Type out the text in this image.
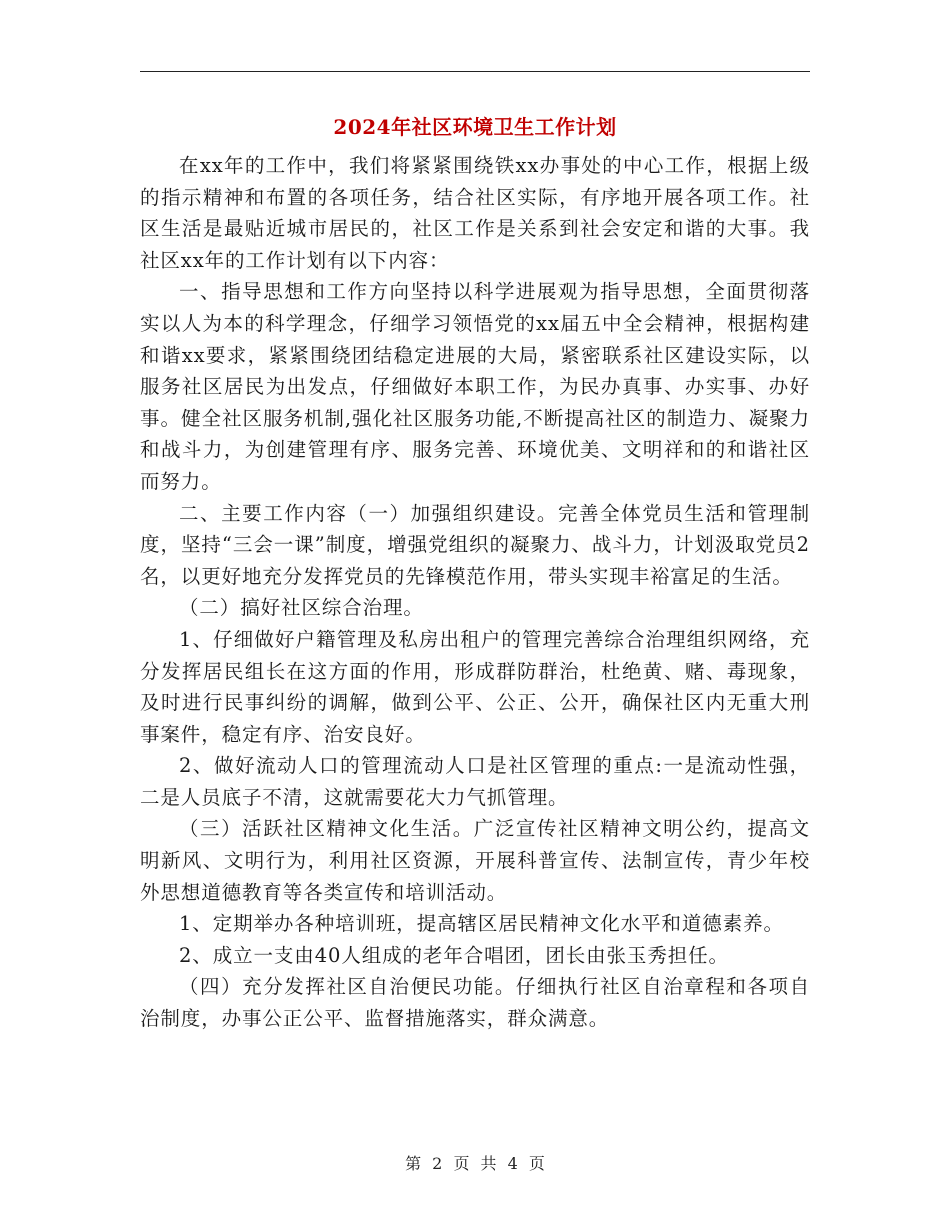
2024年社区环境卫生工作计划

在xx年的工作中，我们将紧紧围绕铁xx办事处的中心工作，根据上级的指示精神和布置的各项任务，结合社区实际，有序地开展各项工作。社区生活是最贴近城市居民的，社区工作是关系到社会安定和谐的大事。我社区xx年的工作计划有以下内容：

一、指导思想和工作方向坚持以科学进展观为指导思想，全面贯彻落实以人为本的科学理念，仔细学习领悟党的xx届五中全会精神，根据构建和谐xx要求，紧紧围绕团结稳定进展的大局，紧密联系社区建设实际，以服务社区居民为出发点，仔细做好本职工作，为民办真事、办实事、办好事。健全社区服务机制,强化社区服务功能,不断提高社区的制造力、凝聚力和战斗力，为创建管理有序、服务完善、环境优美、文明祥和的和谐社区而努力。

二、主要工作内容（一）加强组织建设。完善全体党员生活和管理制度，坚持“三会一课”制度，增强党组织的凝聚力、战斗力，计划汲取党员2名，以更好地充分发挥党员的先锋模范作用，带头实现丰裕富足的生活。

（二）搞好社区综合治理。

1、仔细做好户籍管理及私房出租户的管理完善综合治理组织网络，充分发挥居民组长在这方面的作用，形成群防群治，杜绝黄、赌、毒现象，及时进行民事纠纷的调解，做到公平、公正、公开，确保社区内无重大刑事案件，稳定有序、治安良好。

2、做好流动人口的管理流动人口是社区管理的重点:一是流动性强，二是人员底子不清，这就需要花大力气抓管理。

（三）活跃社区精神文化生活。广泛宣传社区精神文明公约，提高文明新风、文明行为，利用社区资源，开展科普宣传、法制宣传，青少年校外思想道德教育等各类宣传和培训活动。

1、定期举办各种培训班，提高辖区居民精神文化水平和道德素养。

2、成立一支由40人组成的老年合唱团，团长由张玉秀担任。

（四）充分发挥社区自治便民功能。仔细执行社区自治章程和各项自治制度，办事公正公平、监督措施落实，群众满意。

第 2 页 共 4 页
